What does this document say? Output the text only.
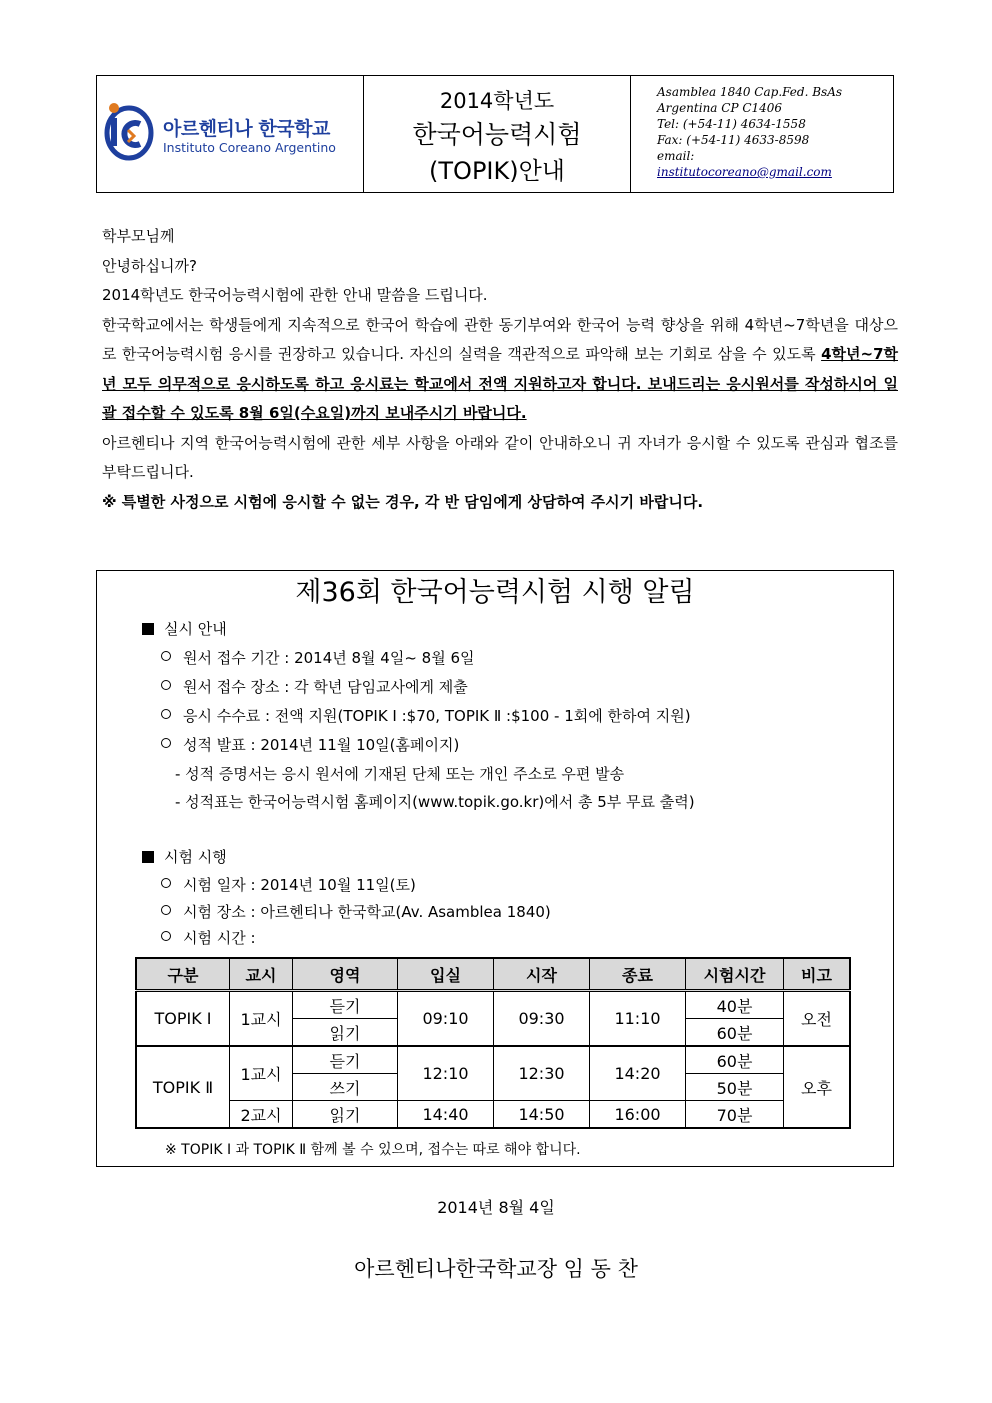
아르헨티나 한국학교
Instituto Coreano Argentino
2014학년도
한국어능력시험
(TOPIK)안내
Asamblea 1840 Cap.Fed. BsAs
Argentina CP C1406
Tel: (+54-11) 4634-1558
Fax: (+54-11) 4633-8598
email:
institutocoreano@gmail.com

학부모님께

안녕하십니까?

2014학년도 한국어능력시험에 관한 안내 말씀을 드립니다.

한국학교에서는 학생들에게 지속적으로 한국어 학습에 관한 동기부여와 한국어 능력 향상을 위해 4학년~7학년을 대상으로 한국어능력시험 응시를 권장하고 있습니다. 자신의 실력을 객관적으로 파악해 보는 기회로 삼을 수 있도록 4학년~7학년 모두 의무적으로 응시하도록 하고 응시료는 학교에서 전액 지원하고자 합니다. 보내드리는 응시원서를 작성하시어 일괄 접수할 수 있도록 8월 6일(수요일)까지 보내주시기 바랍니다.

아르헨티나 지역 한국어능력시험에 관한 세부 사항을 아래와 같이 안내하오니 귀 자녀가 응시할 수 있도록 관심과 협조를 부탁드립니다.

※ 특별한 사정으로 시험에 응시할 수 없는 경우, 각 반 담임에게 상담하여 주시기 바랍니다.

제36회 한국어능력시험 시행 알림
실시 안내
원서 접수 기간 : 2014년 8월 4일~ 8월 6일
원서 접수 장소 : 각 학년 담임교사에게 제출
응시 수수료 : 전액 지원(TOPIK Ⅰ :$70, TOPIK Ⅱ :$100 - 1회에 한하여 지원)
성적 발표 : 2014년 11월 10일(홈페이지)
- 성적 증명서는 응시 원서에 기재된 단체 또는 개인 주소로 우편 발송
- 성적표는 한국어능력시험 홈페이지(www.topik.go.kr)에서 총 5부 무료 출력)
시험 시행
시험 일자 : 2014년 10월 11일(토)
시험 장소 : 아르헨티나 한국학교(Av. Asamblea 1840)
시험 시간 :
구분	교시	영역	입실	시작	종료	시험시간	비고
TOPIK Ⅰ	1교시	듣기	09:10	09:30	11:10	40분	오전
		읽기				60분	
TOPIK Ⅱ	1교시	듣기	12:10	12:30	14:20	60분	오후
		쓰기				50분	
	2교시	읽기	14:40	14:50	16:00	70분	
※ TOPIK Ⅰ 과 TOPIK Ⅱ 함께 볼 수 있으며, 접수는 따로 해야 합니다.
2014년 8월 4일
아르헨티나한국학교장 임 동 찬
